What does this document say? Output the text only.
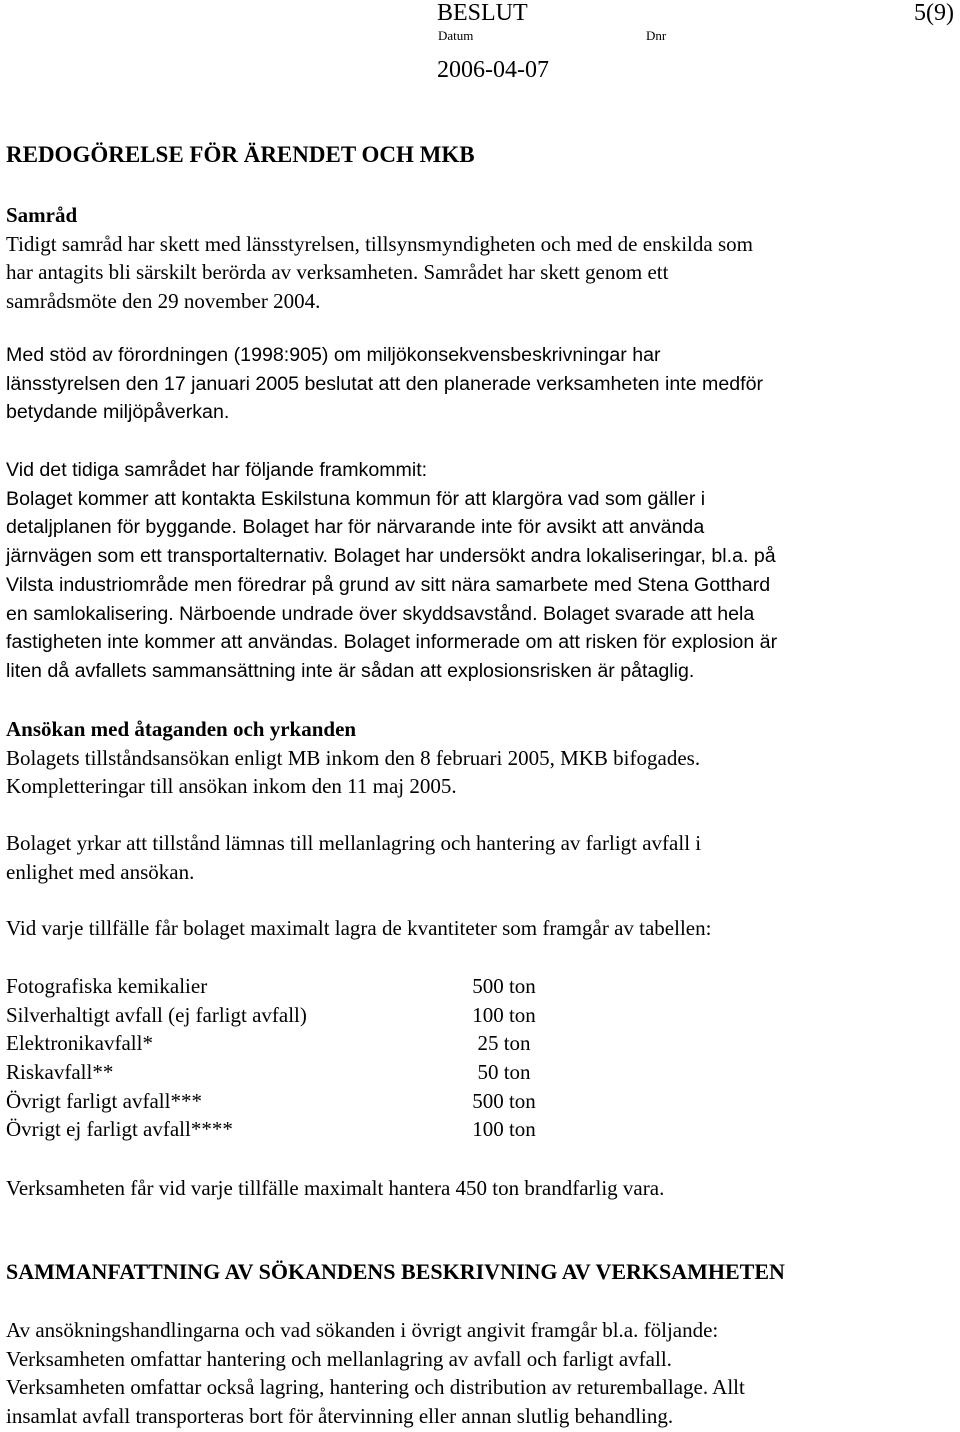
BESLUT	5(9)
Datum	Dnr
2006-04-07
REDOGÖRELSE FÖR ÄRENDET OCH MKB
Samråd
Tidigt samråd har skett med länsstyrelsen, tillsynsmyndigheten och med de enskilda som
har antagits bli särskilt berörda av verksamheten. Samrådet har skett genom ett
samrådsmöte den 29 november 2004.
Med stöd av förordningen (1998:905) om miljökonsekvensbeskrivningar har
länsstyrelsen den 17 januari 2005 beslutat att den planerade verksamheten inte medför
betydande miljöpåverkan.
Vid det tidiga samrådet har följande framkommit:
Bolaget kommer att kontakta Eskilstuna kommun för att klargöra vad som gäller i
detaljplanen för byggande. Bolaget har för närvarande inte för avsikt att använda
järnvägen som ett transportalternativ. Bolaget har undersökt andra lokaliseringar, bl.a. på
Vilsta industriområde men föredrar på grund av sitt nära samarbete med Stena Gotthard
en samlokalisering. Närboende undrade över skyddsavstånd. Bolaget svarade att hela
fastigheten inte kommer att användas. Bolaget informerade om att risken för explosion är
liten då avfallets sammansättning inte är sådan att explosionsrisken är påtaglig.
Ansökan med åtaganden och yrkanden
Bolagets tillståndsansökan enligt MB inkom den 8 februari 2005, MKB bifogades.
Kompletteringar till ansökan inkom den 11 maj 2005.
Bolaget yrkar att tillstånd lämnas till mellanlagring och hantering av farligt avfall i
enlighet med ansökan.
Vid varje tillfälle får bolaget maximalt lagra de kvantiteter som framgår av tabellen:
Fotografiska kemikalier	500 ton
Silverhaltigt avfall (ej farligt avfall)	100 ton
Elektronikavfall*	25 ton
Riskavfall**	50 ton
Övrigt farligt avfall***	500 ton
Övrigt ej farligt avfall****	100 ton
Verksamheten får vid varje tillfälle maximalt hantera 450 ton brandfarlig vara.
SAMMANFATTNING AV SÖKANDENS BESKRIVNING AV VERKSAMHETEN
Av ansökningshandlingarna och vad sökanden i övrigt angivit framgår bl.a. följande:
Verksamheten omfattar hantering och mellanlagring av avfall och farligt avfall.
Verksamheten omfattar också lagring, hantering och distribution av returemballage. Allt
insamlat avfall transporteras bort för återvinning eller annan slutlig behandling.
